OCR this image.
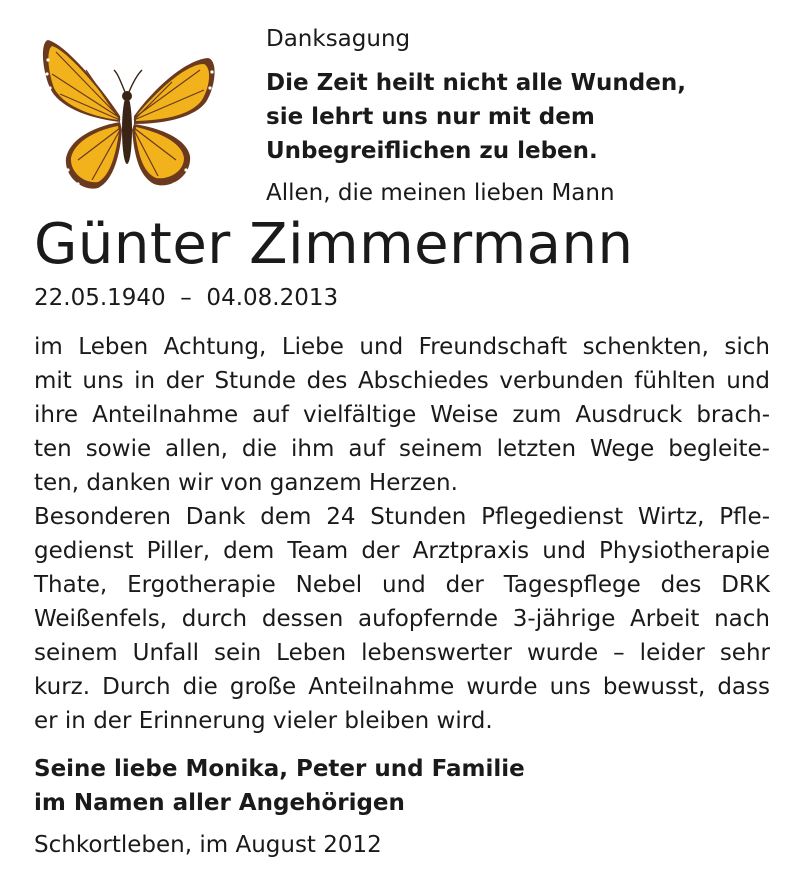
Danksagung
Die Zeit heilt nicht alle Wunden,
sie lehrt uns nur mit dem
Unbegreiflichen zu leben.
Allen, die meinen lieben Mann
Günter Zimmermann
22.05.1940  –  04.08.2013
im Leben Achtung, Liebe und Freundschaft schenkten, sich
mit uns in der Stunde des Abschiedes verbunden fühlten und
ihre Anteilnahme auf vielfältige Weise zum Ausdruck brach-
ten sowie allen, die ihm auf seinem letzten Wege begleite-
ten, danken wir von ganzem Herzen.
Besonderen Dank dem 24 Stunden Pflegedienst Wirtz, Pfle-
gedienst Piller, dem Team der Arztpraxis und Physiotherapie
Thate, Ergotherapie Nebel und der Tagespflege des DRK
Weißenfels, durch dessen aufopfernde 3-jährige Arbeit nach
seinem Unfall sein Leben lebenswerter wurde – leider sehr
kurz. Durch die große Anteilnahme wurde uns bewusst, dass
er in der Erinnerung vieler bleiben wird.
Seine liebe Monika, Peter und Familie
im Namen aller Angehörigen
Schkortleben, im August 2012
